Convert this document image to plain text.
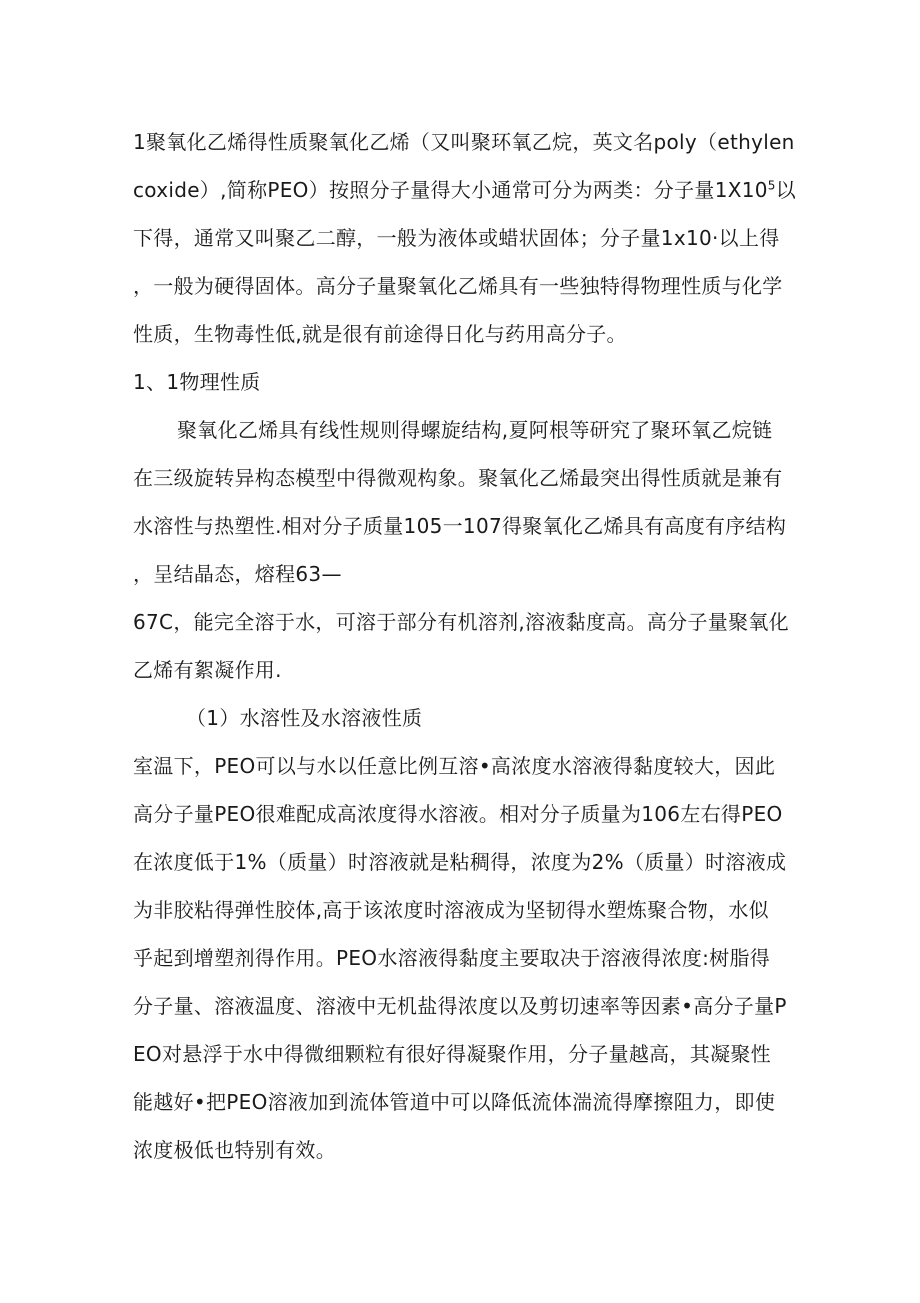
1聚氧化乙烯得性质聚氧化乙烯（又叫聚环氧乙烷，英文名poly（ethylen
coxide）,简称PEO）按照分子量得大小通常可分为两类：分子量$1X10^5$以
下得，通常又叫聚乙二醇，一般为液体或蜡状固体；分子量1x10·以上得
，一般为硬得固体。高分子量聚氧化乙烯具有一些独特得物理性质与化学
性质，生物毒性低,就是很有前途得日化与药用高分子。
1、1物理性质
聚氧化乙烯具有线性规则得螺旋结构,夏阿根等研究了聚环氧乙烷链
在三级旋转异构态模型中得微观构象。聚氧化乙烯最突出得性质就是兼有
水溶性与热塑性.相对分子质量105一107得聚氧化乙烯具有高度有序结构
，呈结晶态，熔程63—
67C，能完全溶于水，可溶于部分有机溶剂,溶液黏度高。高分子量聚氧化
乙烯有絮凝作用.
（1）水溶性及水溶液性质
室温下，PEO可以与水以任意比例互溶•高浓度水溶液得黏度较大，因此
高分子量PEO很难配成高浓度得水溶液。相对分子质量为106左右得PEO
在浓度低于1%（质量）时溶液就是粘稠得，浓度为2%（质量）时溶液成
为非胶粘得弹性胶体,高于该浓度时溶液成为坚韧得水塑炼聚合物，水似
乎起到增塑剂得作用。PEO水溶液得黏度主要取决于溶液得浓度:树脂得
分子量、溶液温度、溶液中无机盐得浓度以及剪切速率等因素•高分子量P
EO对悬浮于水中得微细颗粒有很好得凝聚作用，分子量越高，其凝聚性
能越好•把PEO溶液加到流体管道中可以降低流体湍流得摩擦阻力，即使
浓度极低也特别有效。
